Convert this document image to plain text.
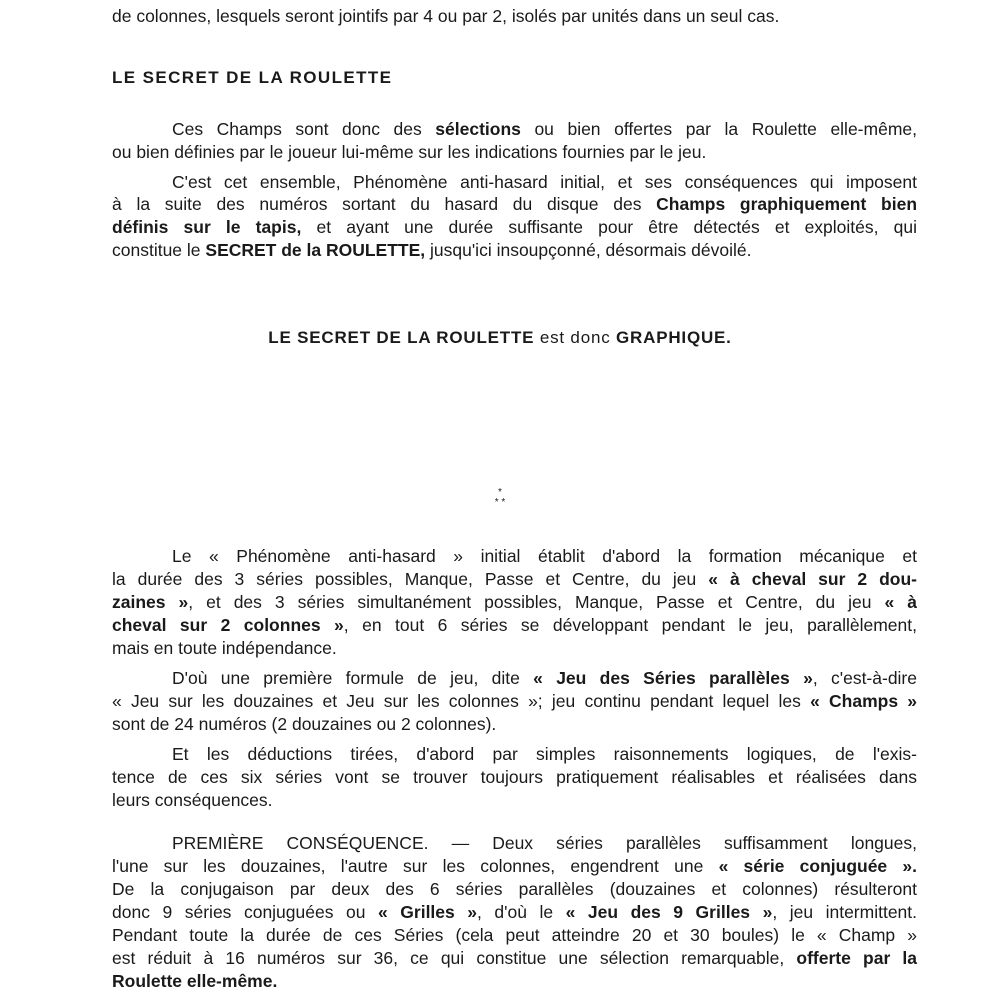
de colonnes, lesquels seront jointifs par 4 ou par 2, isolés par unités dans un seul cas.
LE SECRET DE LA ROULETTE
Ces Champs sont donc des sélections ou bien offertes par la Roulette elle-même,
ou bien définies par le joueur lui-même sur les indications fournies par le jeu.
C'est cet ensemble, Phénomène anti-hasard initial, et ses conséquences qui imposent
à la suite des numéros sortant du hasard du disque des Champs graphiquement bien
définis sur le tapis, et ayant une durée suffisante pour être détectés et exploités, qui
constitue le SECRET de la ROULETTE, jusqu'ici insoupçonné, désormais dévoilé.
LE SECRET DE LA ROULETTE est donc GRAPHIQUE.
*
* *
Le « Phénomène anti-hasard » initial établit d'abord la formation mécanique et
la durée des 3 séries possibles, Manque, Passe et Centre, du jeu « à cheval sur 2 dou-
zaines », et des 3 séries simultanément possibles, Manque, Passe et Centre, du jeu « à
cheval sur 2 colonnes », en tout 6 séries se développant pendant le jeu, parallèlement,
mais en toute indépendance.
D'où une première formule de jeu, dite « Jeu des Séries parallèles », c'est-à-dire
« Jeu sur les douzaines et Jeu sur les colonnes »; jeu continu pendant lequel les « Champs »
sont de 24 numéros (2 douzaines ou 2 colonnes).
Et les déductions tirées, d'abord par simples raisonnements logiques, de l'exis-
tence de ces six séries vont se trouver toujours pratiquement réalisables et réalisées dans
leurs conséquences.
PREMIÈRE CONSÉQUENCE. — Deux séries parallèles suffisamment longues,
l'une sur les douzaines, l'autre sur les colonnes, engendrent une « série conjuguée ».
De la conjugaison par deux des 6 séries parallèles (douzaines et colonnes) résulteront
donc 9 séries conjuguées ou « Grilles », d'où le « Jeu des 9 Grilles », jeu intermittent.
Pendant toute la durée de ces Séries (cela peut atteindre 20 et 30 boules) le « Champ »
est réduit à 16 numéros sur 36, ce qui constitue une sélection remarquable, offerte par la
Roulette elle-même.
